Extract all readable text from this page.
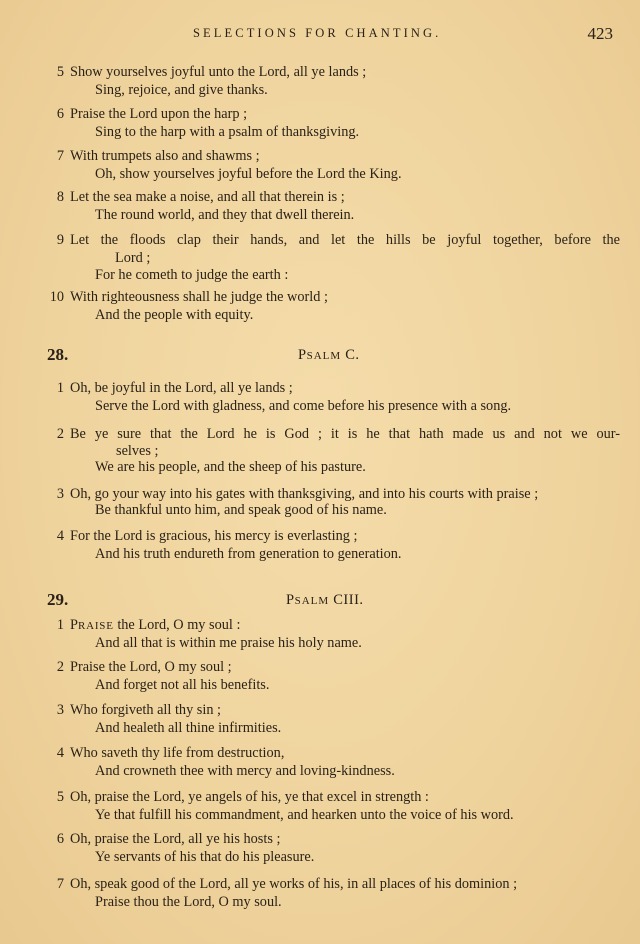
SELECTIONS FOR CHANTING.	423
5 Show yourselves joyful unto the Lord, all ye lands ;
Sing, rejoice, and give thanks.
6 Praise the Lord upon the harp ;
Sing to the harp with a psalm of thanksgiving.
7 With trumpets also and shawms ;
Oh, show yourselves joyful before the Lord the King.
8 Let the sea make a noise, and all that therein is ;
The round world, and they that dwell therein.
9 Let the floods clap their hands, and let the hills be joyful together, before the
Lord ;
For he cometh to judge the earth :
10 With righteousness shall he judge the world ;
And the people with equity.
28.	PSALM C.
1 Oh, be joyful in the Lord, all ye lands ;
Serve the Lord with gladness, and come before his presence with a song.
2 Be ye sure that the Lord he is God ; it is he that hath made us and not we our-
selves ;
We are his people, and the sheep of his pasture.
3 Oh, go your way into his gates with thanksgiving, and into his courts with praise ;
Be thankful unto him, and speak good of his name.
4 For the Lord is gracious, his mercy is everlasting ;
And his truth endureth from generation to generation.
29.	PSALM CIII.
1 PRAISE the Lord, O my soul :
And all that is within me praise his holy name.
2 Praise the Lord, O my soul ;
And forget not all his benefits.
3 Who forgiveth all thy sin ;
And healeth all thine infirmities.
4 Who saveth thy life from destruction,
And crowneth thee with mercy and loving-kindness.
5 Oh, praise the Lord, ye angels of his, ye that excel in strength :
Ye that fulfill his commandment, and hearken unto the voice of his word.
6 Oh, praise the Lord, all ye his hosts ;
Ye servants of his that do his pleasure.
7 Oh, speak good of the Lord, all ye works of his, in all places of his dominion ;
Praise thou the Lord, O my soul.
